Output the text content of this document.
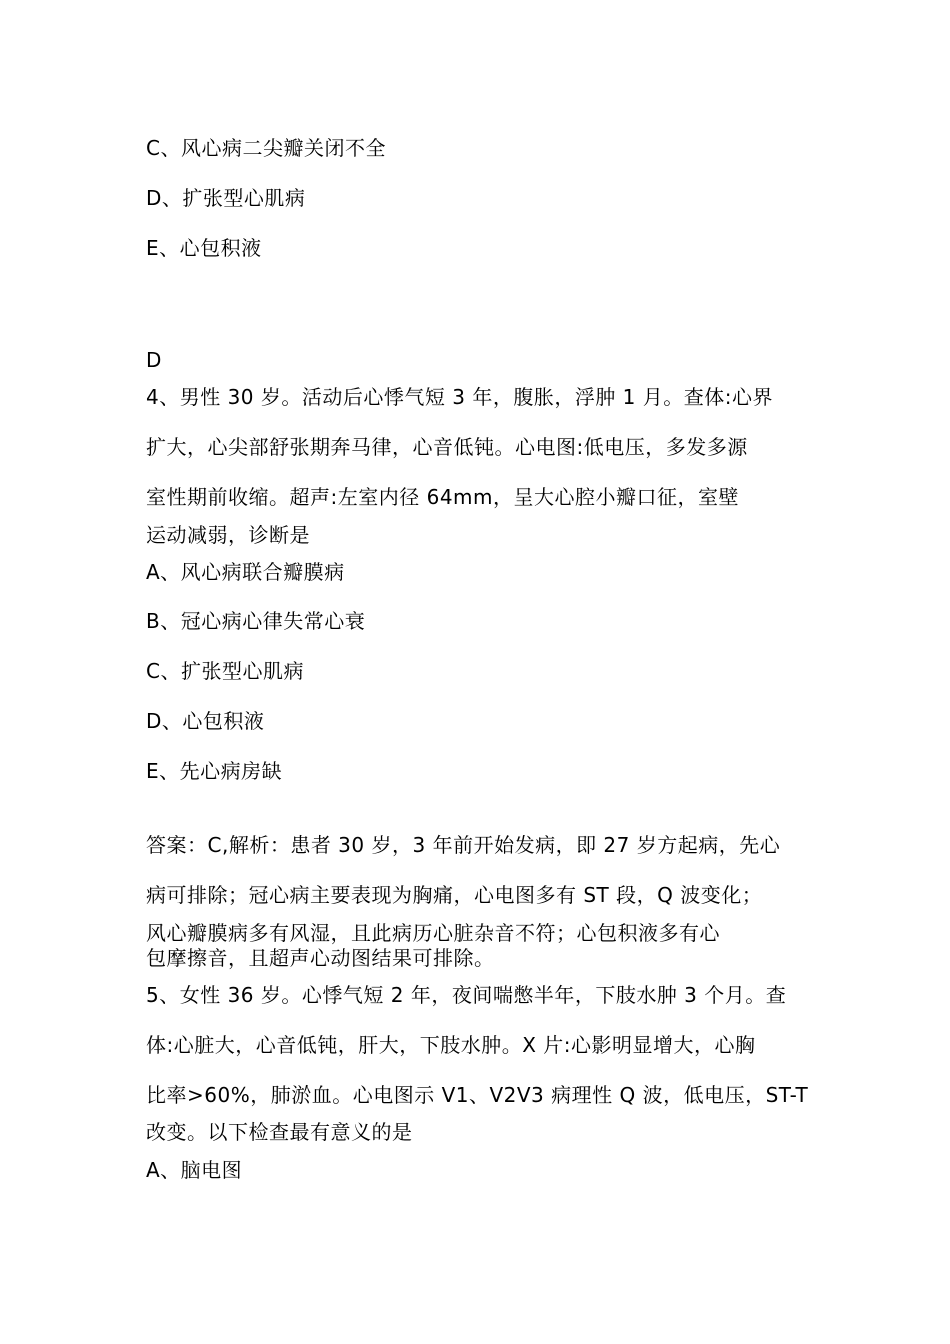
C、风心病二尖瓣关闭不全
D、扩张型心肌病
E、心包积液
D
4、男性 30 岁。活动后心悸气短 3 年，腹胀，浮肿 1 月。查体:心界
扩大，心尖部舒张期奔马律，心音低钝。心电图:低电压，多发多源
室性期前收缩。超声:左室内径 64mm，呈大心腔小瓣口征，室壁
运动减弱，诊断是
A、风心病联合瓣膜病
B、冠心病心律失常心衰
C、扩张型心肌病
D、心包积液
E、先心病房缺
答案：C,解析：患者 30 岁，3 年前开始发病，即 27 岁方起病，先心
病可排除；冠心病主要表现为胸痛，心电图多有 ST 段，Q 波变化；
风心瓣膜病多有风湿，且此病历心脏杂音不符；心包积液多有心
包摩擦音，且超声心动图结果可排除。
5、女性 36 岁。心悸气短 2 年，夜间喘憋半年，下肢水肿 3 个月。查
体:心脏大，心音低钝，肝大，下肢水肿。X 片:心影明显增大，心胸
比率>60%，肺淤血。心电图示 V1、V2V3 病理性 Q 波，低电压，ST-T
改变。以下检查最有意义的是
A、脑电图
